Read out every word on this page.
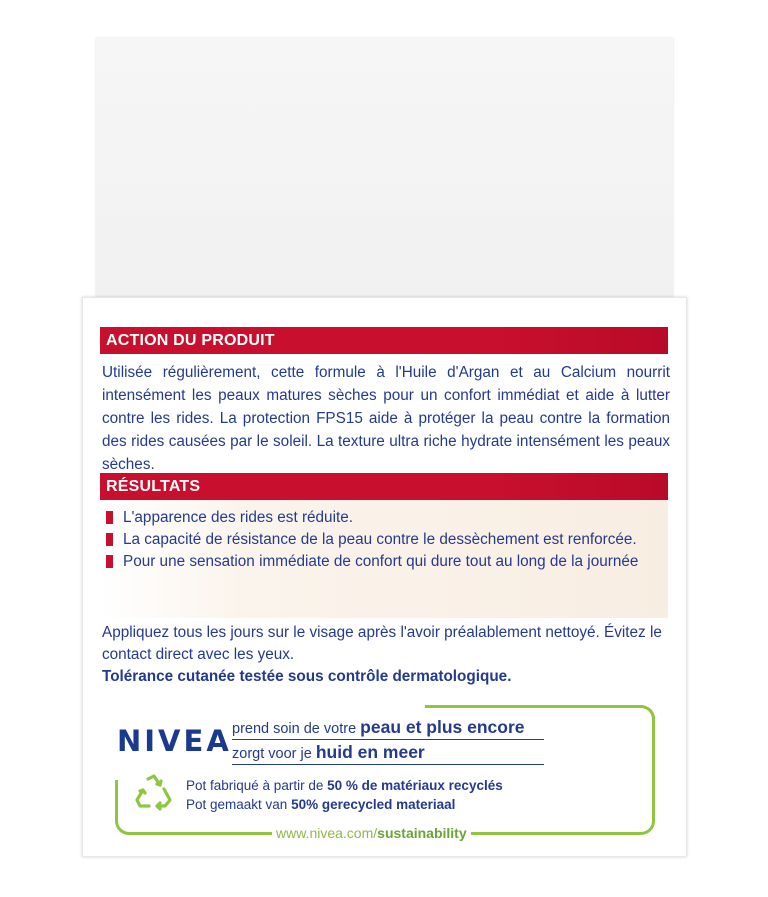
ACTION DU PRODUIT
Utilisée régulièrement, cette formule à l'Huile d'Argan et au Calcium nourrit intensément les peaux matures sèches pour un confort immédiat et aide à lutter contre les rides. La protection FPS15 aide à protéger la peau contre la formation des rides causées par le soleil. La texture ultra riche hydrate intensément les peaux sèches.
RÉSULTATS
L'apparence des rides est réduite.
La capacité de résistance de la peau contre le dessèchement est renforcée.
Pour une sensation immédiate de confort qui dure tout au long de la journée
Appliquez tous les jours sur le visage après l'avoir préalablement nettoyé. Évitez le contact direct avec les yeux.
Tolérance cutanée testée sous contrôle dermatologique.
NIVEA prend soin de votre peau et plus encore
zorgt voor je huid en meer
Pot fabriqué à partir de 50 % de matériaux recyclés
Pot gemaakt van 50% gerecycled materiaal
www.nivea.com/sustainability
